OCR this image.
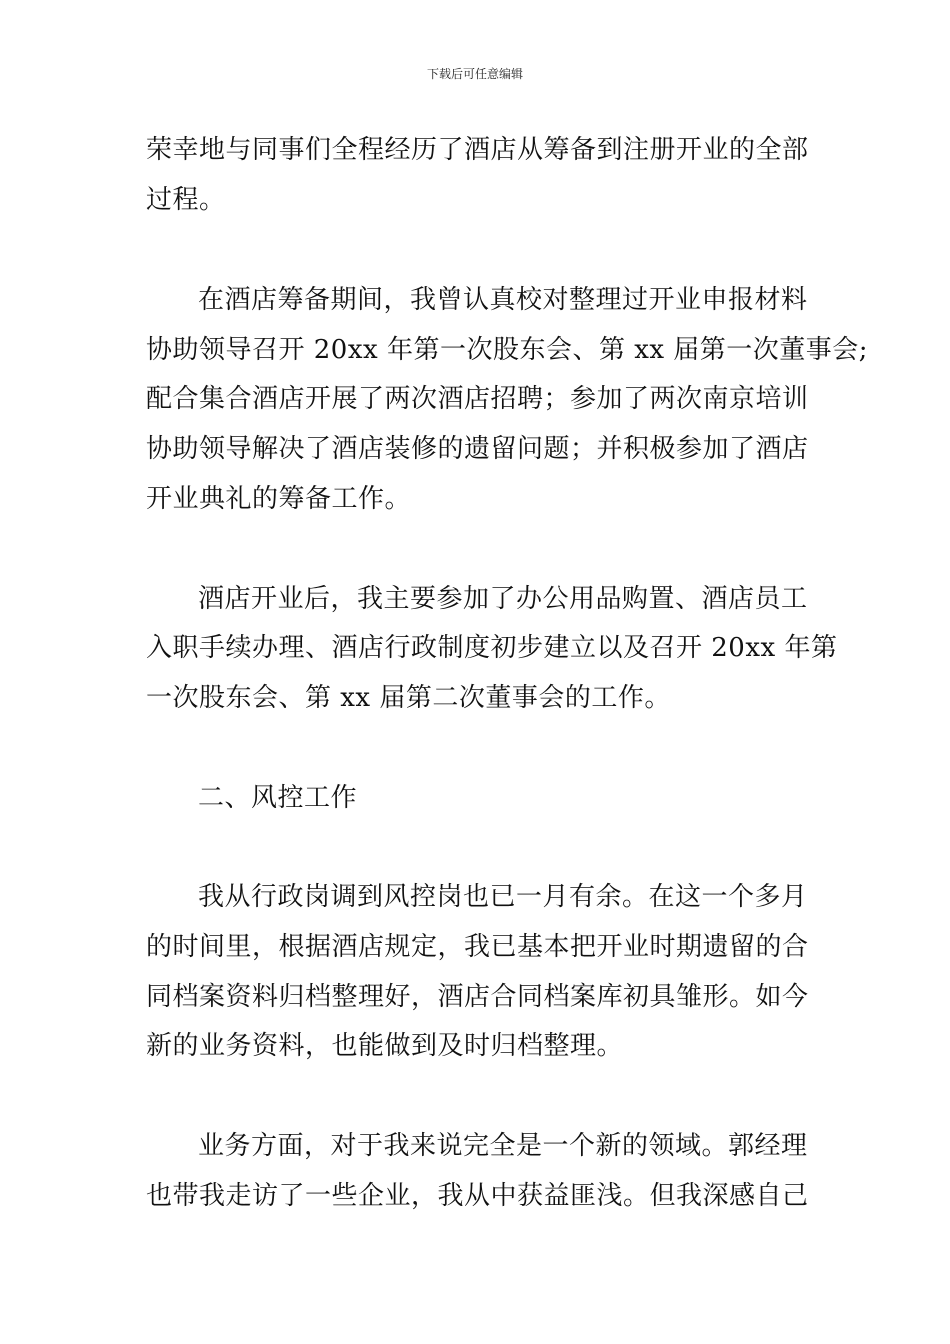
下载后可任意编辑
荣幸地与同事们全程经历了酒店从筹备到注册开业的全部
过程。
在酒店筹备期间，我曾认真校对整理过开业申报材料
协助领导召开 20xx 年第一次股东会、第 xx 届第一次董事会;
配合集合酒店开展了两次酒店招聘；参加了两次南京培训
协助领导解决了酒店装修的遗留问题；并积极参加了酒店
开业典礼的筹备工作。
酒店开业后，我主要参加了办公用品购置、酒店员工
入职手续办理、酒店行政制度初步建立以及召开 20xx 年第
一次股东会、第 xx 届第二次董事会的工作。
二、风控工作
我从行政岗调到风控岗也已一月有余。在这一个多月
的时间里，根据酒店规定，我已基本把开业时期遗留的合
同档案资料归档整理好，酒店合同档案库初具雏形。如今
新的业务资料，也能做到及时归档整理。
业务方面，对于我来说完全是一个新的领域。郭经理
也带我走访了一些企业，我从中获益匪浅。但我深感自己
